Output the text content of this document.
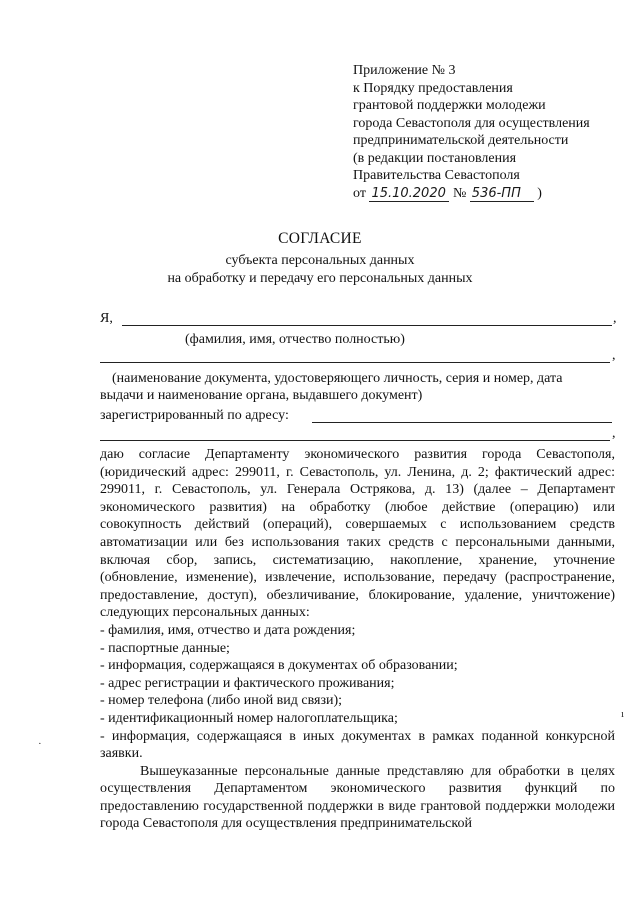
Приложение № 3
к Порядку предоставления
грантовой поддержки молодежи
города Севастополя для осуществления
предпринимательской деятельности
(в редакции постановления
Правительства Севастополя
от 15.10.2020 № 536-ПП )
СОГЛАСИЕ
субъекта персональных данных
на обработку и передачу его персональных данных
Я,	,
(фамилия, имя, отчество полностью)
,
(наименование документа, удостоверяющего личность, серия и номер, дата
выдачи и наименование органа, выдавшего документ)
зарегистрированный по адресу:
,

даю согласие Департаменту экономического развития города Севастополя, (юридический адрес: 299011, г. Севастополь, ул. Ленина, д. 2; фактический адрес: 299011, г. Севастополь, ул. Генерала Острякова, д. 13) (далее – Департамент экономического развития) на обработку (любое действие (операцию) или совокупность действий (операций), совершаемых с использованием средств автоматизации или без использования таких средств с персональными данными, включая сбор, запись, систематизацию, накопление, хранение, уточнение (обновление, изменение), извлечение, использование, передачу (распространение, предоставление, доступ), обезличивание, блокирование, удаление, уничтожение) следующих персональных данных:

- фамилия, имя, отчество и дата рождения;

- паспортные данные;

- информация, содержащаяся в документах об образовании;

- адрес регистрации и фактического проживания;

- номер телефона (либо иной вид связи);

- идентификационный номер налогоплательщика;

- информация, содержащаяся в иных документах в рамках поданной конкурсной заявки.

Вышеуказанные персональные данные представляю для обработки в целях осуществления Департаментом экономического развития функций по предоставлению государственной поддержки в виде грантовой поддержки молодежи города Севастополя для осуществления предпринимательской

ı
·
